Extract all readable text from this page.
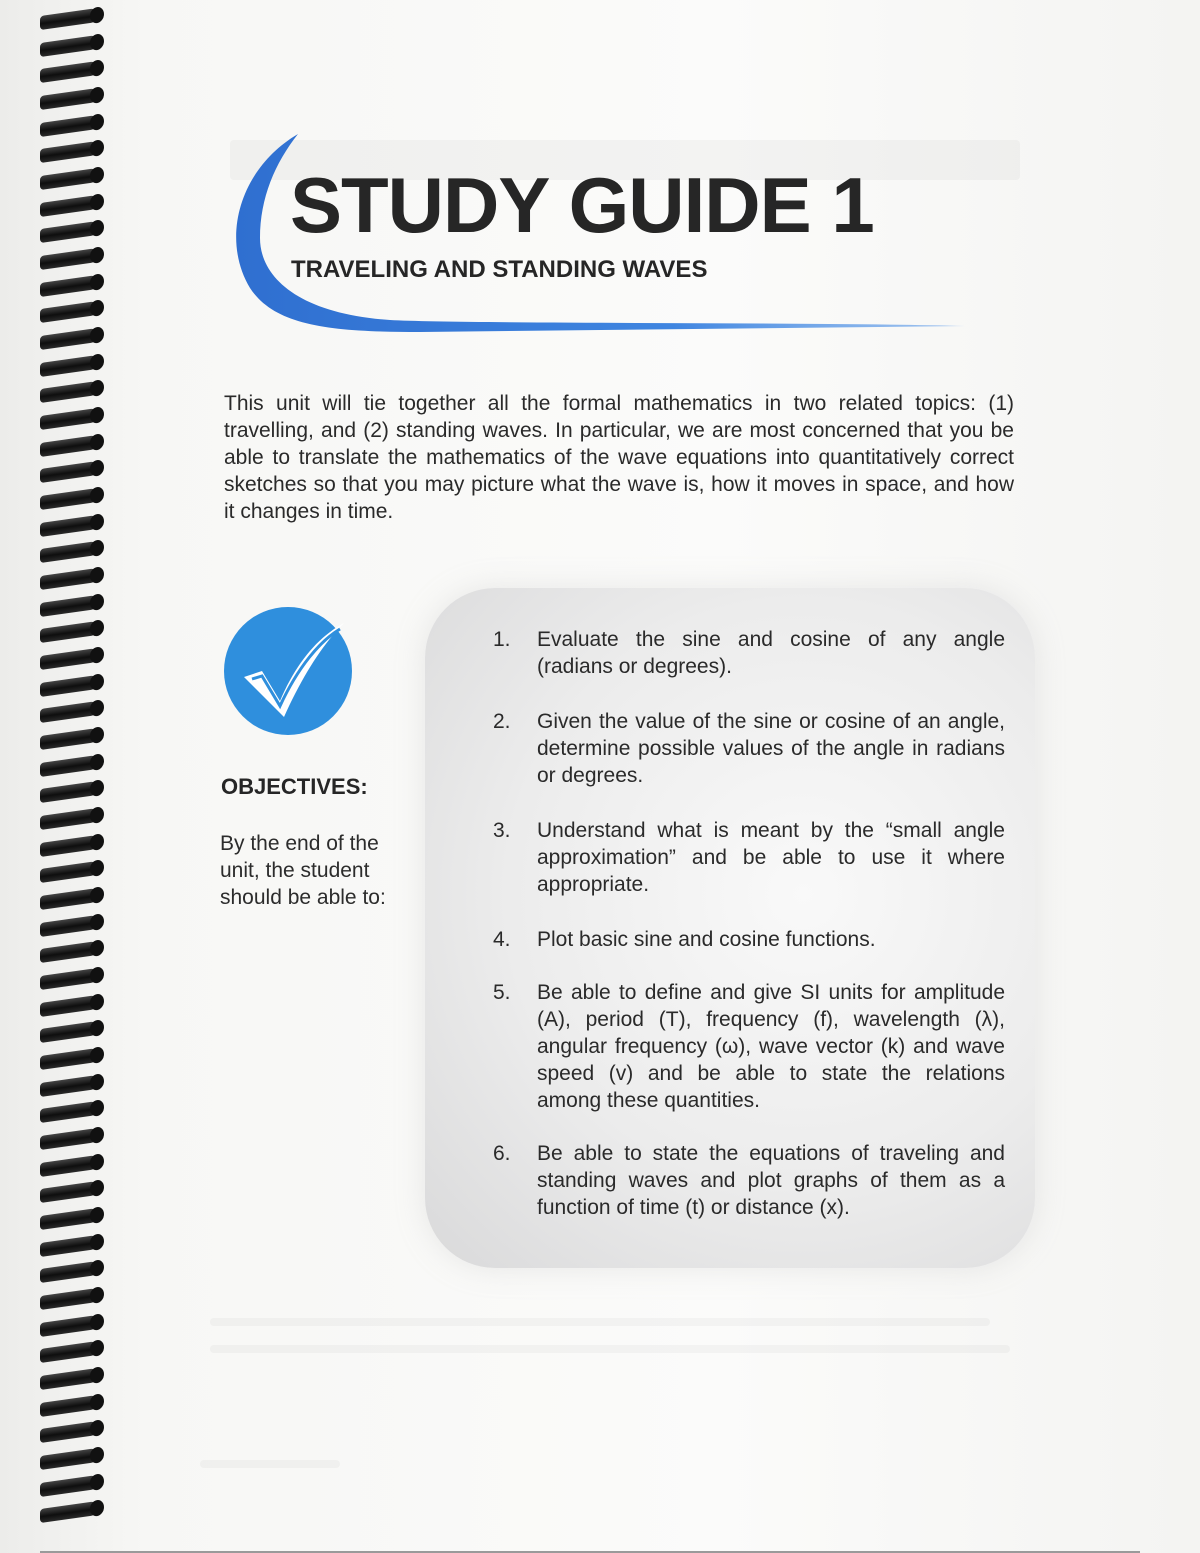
STUDY GUIDE 1
TRAVELING AND STANDING WAVES

This unit will tie together all the formal mathematics in two related topics: (1) travelling, and (2) standing waves. In particular, we are most concerned that you be able to translate the mathematics of the wave equations into quantitatively correct sketches so that you may picture what the wave is, how it moves in space, and how it changes in time.

OBJECTIVES:

By the end of the unit, the student should be able to:

1.	Evaluate the sine and cosine of any angle (radians or degrees).
2.	Given the value of the sine or cosine of an angle, determine possible values of the angle in radians or degrees.
3.	Understand what is meant by the “small angle approximation” and be able to use it where appropriate.
4.	Plot basic sine and cosine functions.
5.	Be able to define and give SI units for amplitude (A), period (T), frequency (f), wavelength (λ), angular frequency (ω), wave vector (k) and wave speed (v) and be able to state the relations among these quantities.
6.	Be able to state the equations of traveling and standing waves and plot graphs of them as a function of time (t) or distance (x).
